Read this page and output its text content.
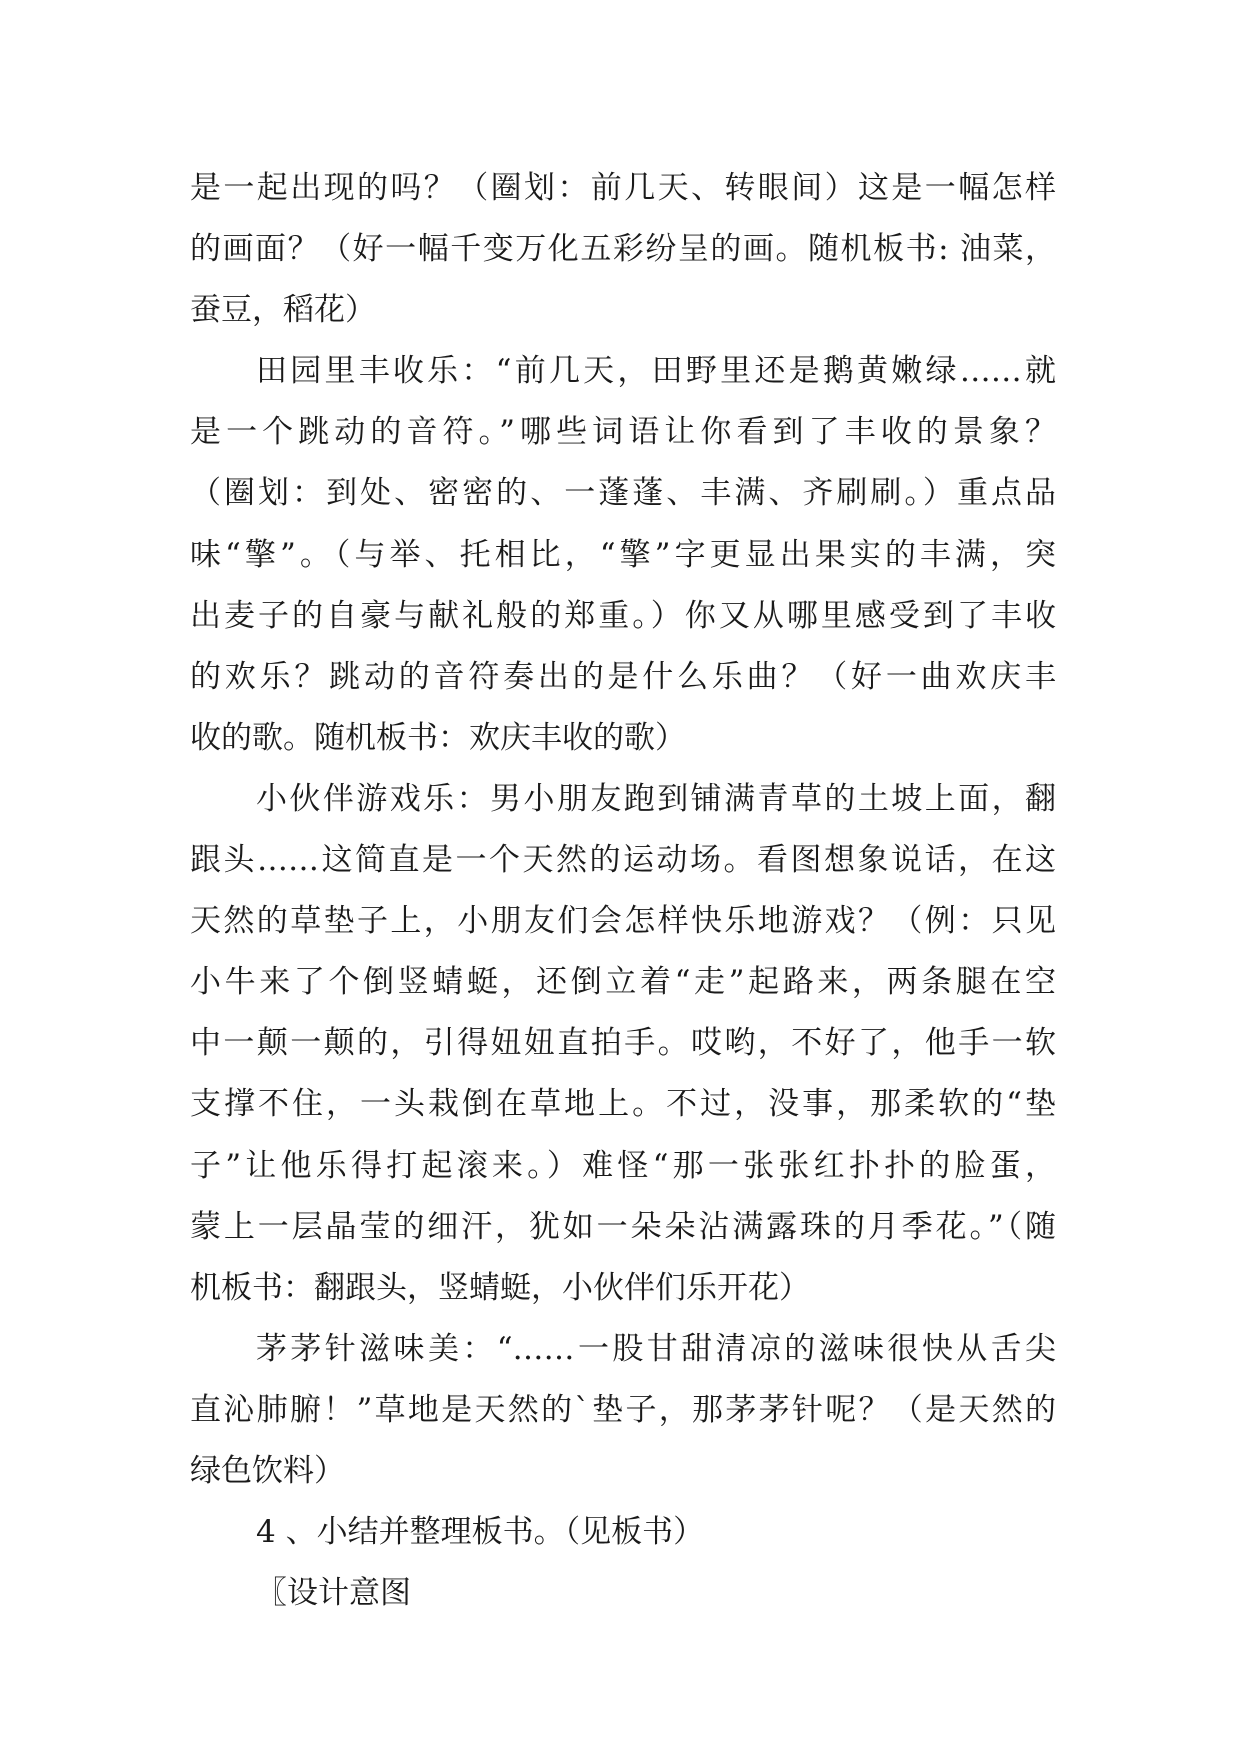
是一起出现的吗？（圈划：前几天、转眼间）这是一幅怎样
的画面？（好一幅千变万化五彩纷呈的画。随机板书: 油菜，
蚕豆，稻花）
田园里丰收乐：“前几天，田野里还是鹅黄嫩绿……就
是一个跳动的音符。”哪些词语让你看到了丰收的景象？
（圈划：到处、密密的、一蓬蓬、丰满、齐刷刷。）重点品
味“擎”。（与举、托相比，“擎”字更显出果实的丰满，突
出麦子的自豪与献礼般的郑重。）你又从哪里感受到了丰收
的欢乐？跳动的音符奏出的是什么乐曲？（好一曲欢庆丰
收的歌。随机板书：欢庆丰收的歌）
小伙伴游戏乐：男小朋友跑到铺满青草的土坡上面，翻
跟头……这简直是一个天然的运动场。看图想象说话，在这
天然的草垫子上，小朋友们会怎样快乐地游戏？（例：只见
小牛来了个倒竖蜻蜓，还倒立着“走”起路来，两条腿在空
中一颠一颠的，引得妞妞直拍手。哎哟，不好了，他手一软
支撑不住，一头栽倒在草地上。不过，没事，那柔软的“垫
子”让他乐得打起滚来。）难怪“那一张张红扑扑的脸蛋，
蒙上一层晶莹的细汗，犹如一朵朵沾满露珠的月季花。”（随
机板书：翻跟头，竖蜻蜓，小伙伴们乐开花）
茅茅针滋味美：“……一股甘甜清凉的滋味很快从舌尖
直沁肺腑！”草地是天然的`垫子，那茅茅针呢？（是天然的
绿色饮料）
4 、小结并整理板书。（见板书）
〖设计意图
